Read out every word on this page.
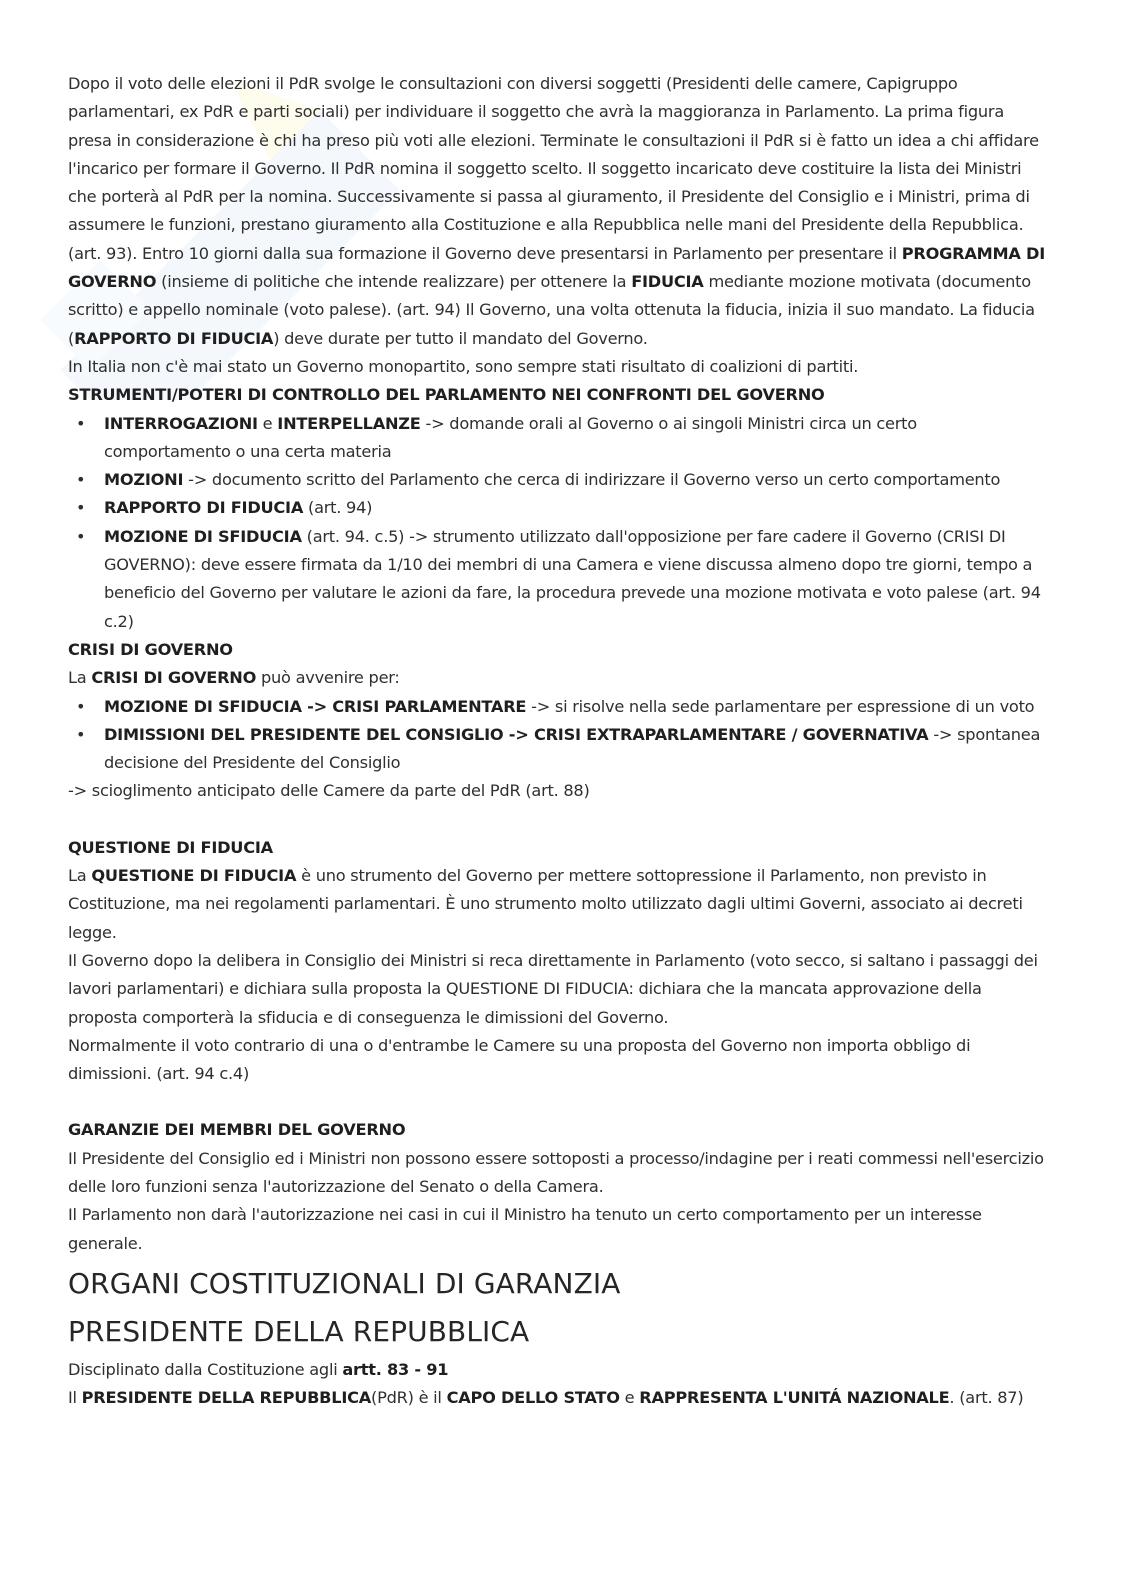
Dopo il voto delle elezioni il PdR svolge le consultazioni con diversi soggetti (Presidenti delle camere, Capigruppo parlamentari, ex PdR e parti sociali) per individuare il soggetto che avrà la maggioranza in Parlamento. La prima figura presa in considerazione è chi ha preso più voti alle elezioni. Terminate le consultazioni il PdR si è fatto un idea a chi affidare l'incarico per formare il Governo. Il PdR nomina il soggetto scelto. Il soggetto incaricato deve costituire la lista dei Ministri che porterà al PdR per la nomina. Successivamente si passa al giuramento, il Presidente del Consiglio e i Ministri, prima di assumere le funzioni, prestano giuramento alla Costituzione e alla Repubblica nelle mani del Presidente della Repubblica. (art. 93). Entro 10 giorni dalla sua formazione il Governo deve presentarsi in Parlamento per presentare il PROGRAMMA DI GOVERNO (insieme di politiche che intende realizzare) per ottenere la FIDUCIA mediante mozione motivata (documento scritto) e appello nominale (voto palese). (art. 94) Il Governo, una volta ottenuta la fiducia, inizia il suo mandato. La fiducia (RAPPORTO DI FIDUCIA) deve durate per tutto il mandato del Governo.

In Italia non c'è mai stato un Governo monopartito, sono sempre stati risultato di coalizioni di partiti.

STRUMENTI/POTERI DI CONTROLLO DEL PARLAMENTO NEI CONFRONTI DEL GOVERNO

• INTERROGAZIONI e INTERPELLANZE -> domande orali al Governo o ai singoli Ministri circa un certo comportamento o una certa materia
• MOZIONI -> documento scritto del Parlamento che cerca di indirizzare il Governo verso un certo comportamento
• RAPPORTO DI FIDUCIA (art. 94)
• MOZIONE DI SFIDUCIA (art. 94. c.5) -> strumento utilizzato dall'opposizione per fare cadere il Governo (CRISI DI GOVERNO): deve essere firmata da 1/10 dei membri di una Camera e viene discussa almeno dopo tre giorni, tempo a beneficio del Governo per valutare le azioni da fare, la procedura prevede una mozione motivata e voto palese (art. 94 c.2)

CRISI DI GOVERNO

La CRISI DI GOVERNO può avvenire per:

• MOZIONE DI SFIDUCIA -> CRISI PARLAMENTARE -> si risolve nella sede parlamentare per espressione di un voto
• DIMISSIONI DEL PRESIDENTE DEL CONSIGLIO -> CRISI EXTRAPARLAMENTARE / GOVERNATIVA -> spontanea decisione del Presidente del Consiglio

-> scioglimento anticipato delle Camere da parte del PdR (art. 88)

QUESTIONE DI FIDUCIA

La QUESTIONE DI FIDUCIA è uno strumento del Governo per mettere sottopressione il Parlamento, non previsto in Costituzione, ma nei regolamenti parlamentari. È uno strumento molto utilizzato dagli ultimi Governi, associato ai decreti legge.

Il Governo dopo la delibera in Consiglio dei Ministri si reca direttamente in Parlamento (voto secco, si saltano i passaggi dei lavori parlamentari) e dichiara sulla proposta la QUESTIONE DI FIDUCIA: dichiara che la mancata approvazione della proposta comporterà la sfiducia e di conseguenza le dimissioni del Governo.

Normalmente il voto contrario di una o d'entrambe le Camere su una proposta del Governo non importa obbligo di dimissioni. (art. 94 c.4)

GARANZIE DEI MEMBRI DEL GOVERNO

Il Presidente del Consiglio ed i Ministri non possono essere sottoposti a processo/indagine per i reati commessi nell'esercizio delle loro funzioni senza l'autorizzazione del Senato o della Camera.

Il Parlamento non darà l'autorizzazione nei casi in cui il Ministro ha tenuto un certo comportamento per un interesse generale.

ORGANI COSTITUZIONALI DI GARANZIA

PRESIDENTE DELLA REPUBBLICA

Disciplinato dalla Costituzione agli artt. 83 - 91

Il PRESIDENTE DELLA REPUBBLICA(PdR) è il CAPO DELLO STATO e RAPPRESENTA L'UNITÁ NAZIONALE. (art. 87)
